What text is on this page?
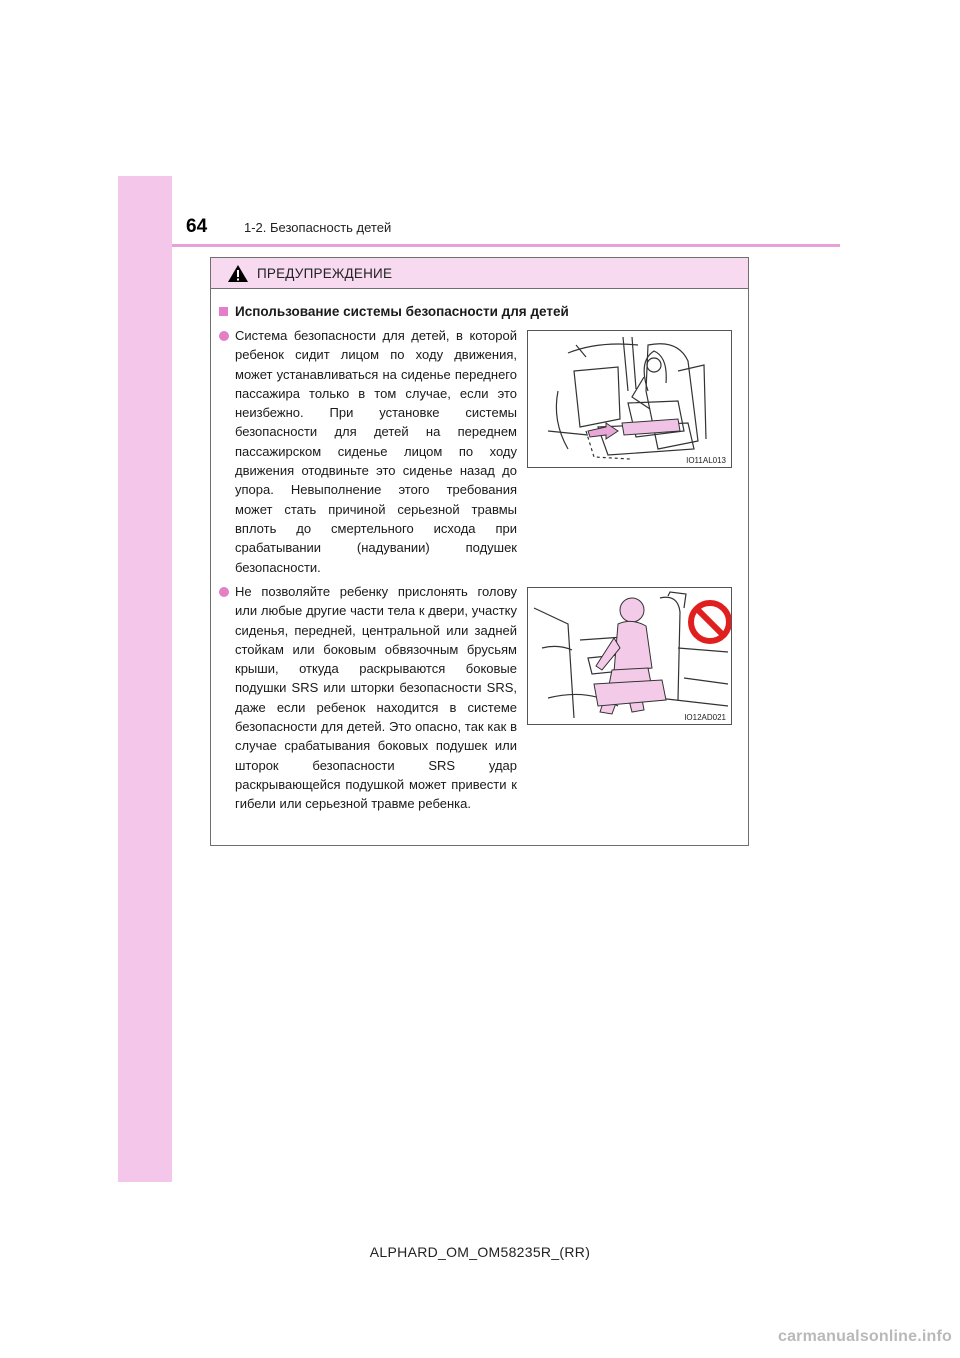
64	1-2. Безопасность детей
ПРЕДУПРЕЖДЕНИЕ
Использование системы безопасности для детей
Система безопасности для детей, в которой ребенок сидит лицом по ходу движения, может устанавливаться на сиденье переднего пассажира только в том случае, если это неизбежно. При установке системы безопасности для детей на переднем пассажирском сиденье лицом по ходу движения отодвиньте это сиденье назад до упора. Невыполнение этого требования может стать причиной серьезной травмы вплоть до смертельного исхода при срабатывании (надувании) подушек безопасности.
IO11AL013
Не позволяйте ребенку прислонять голову или любые другие части тела к двери, участку сиденья, передней, центральной или задней стойкам или боковым обвязочным брусьям крыши, откуда раскрываются боковые подушки SRS или шторки безопасности SRS, даже если ребенок находится в системе безопасности для детей. Это опасно, так как в случае срабатывания боковых подушек или шторок безопасности SRS удар раскрывающейся подушкой может привести к гибели или серьезной травме ребенка.
IO12AD021
ALPHARD_OM_OM58235R_(RR)
carmanualsonline.info
